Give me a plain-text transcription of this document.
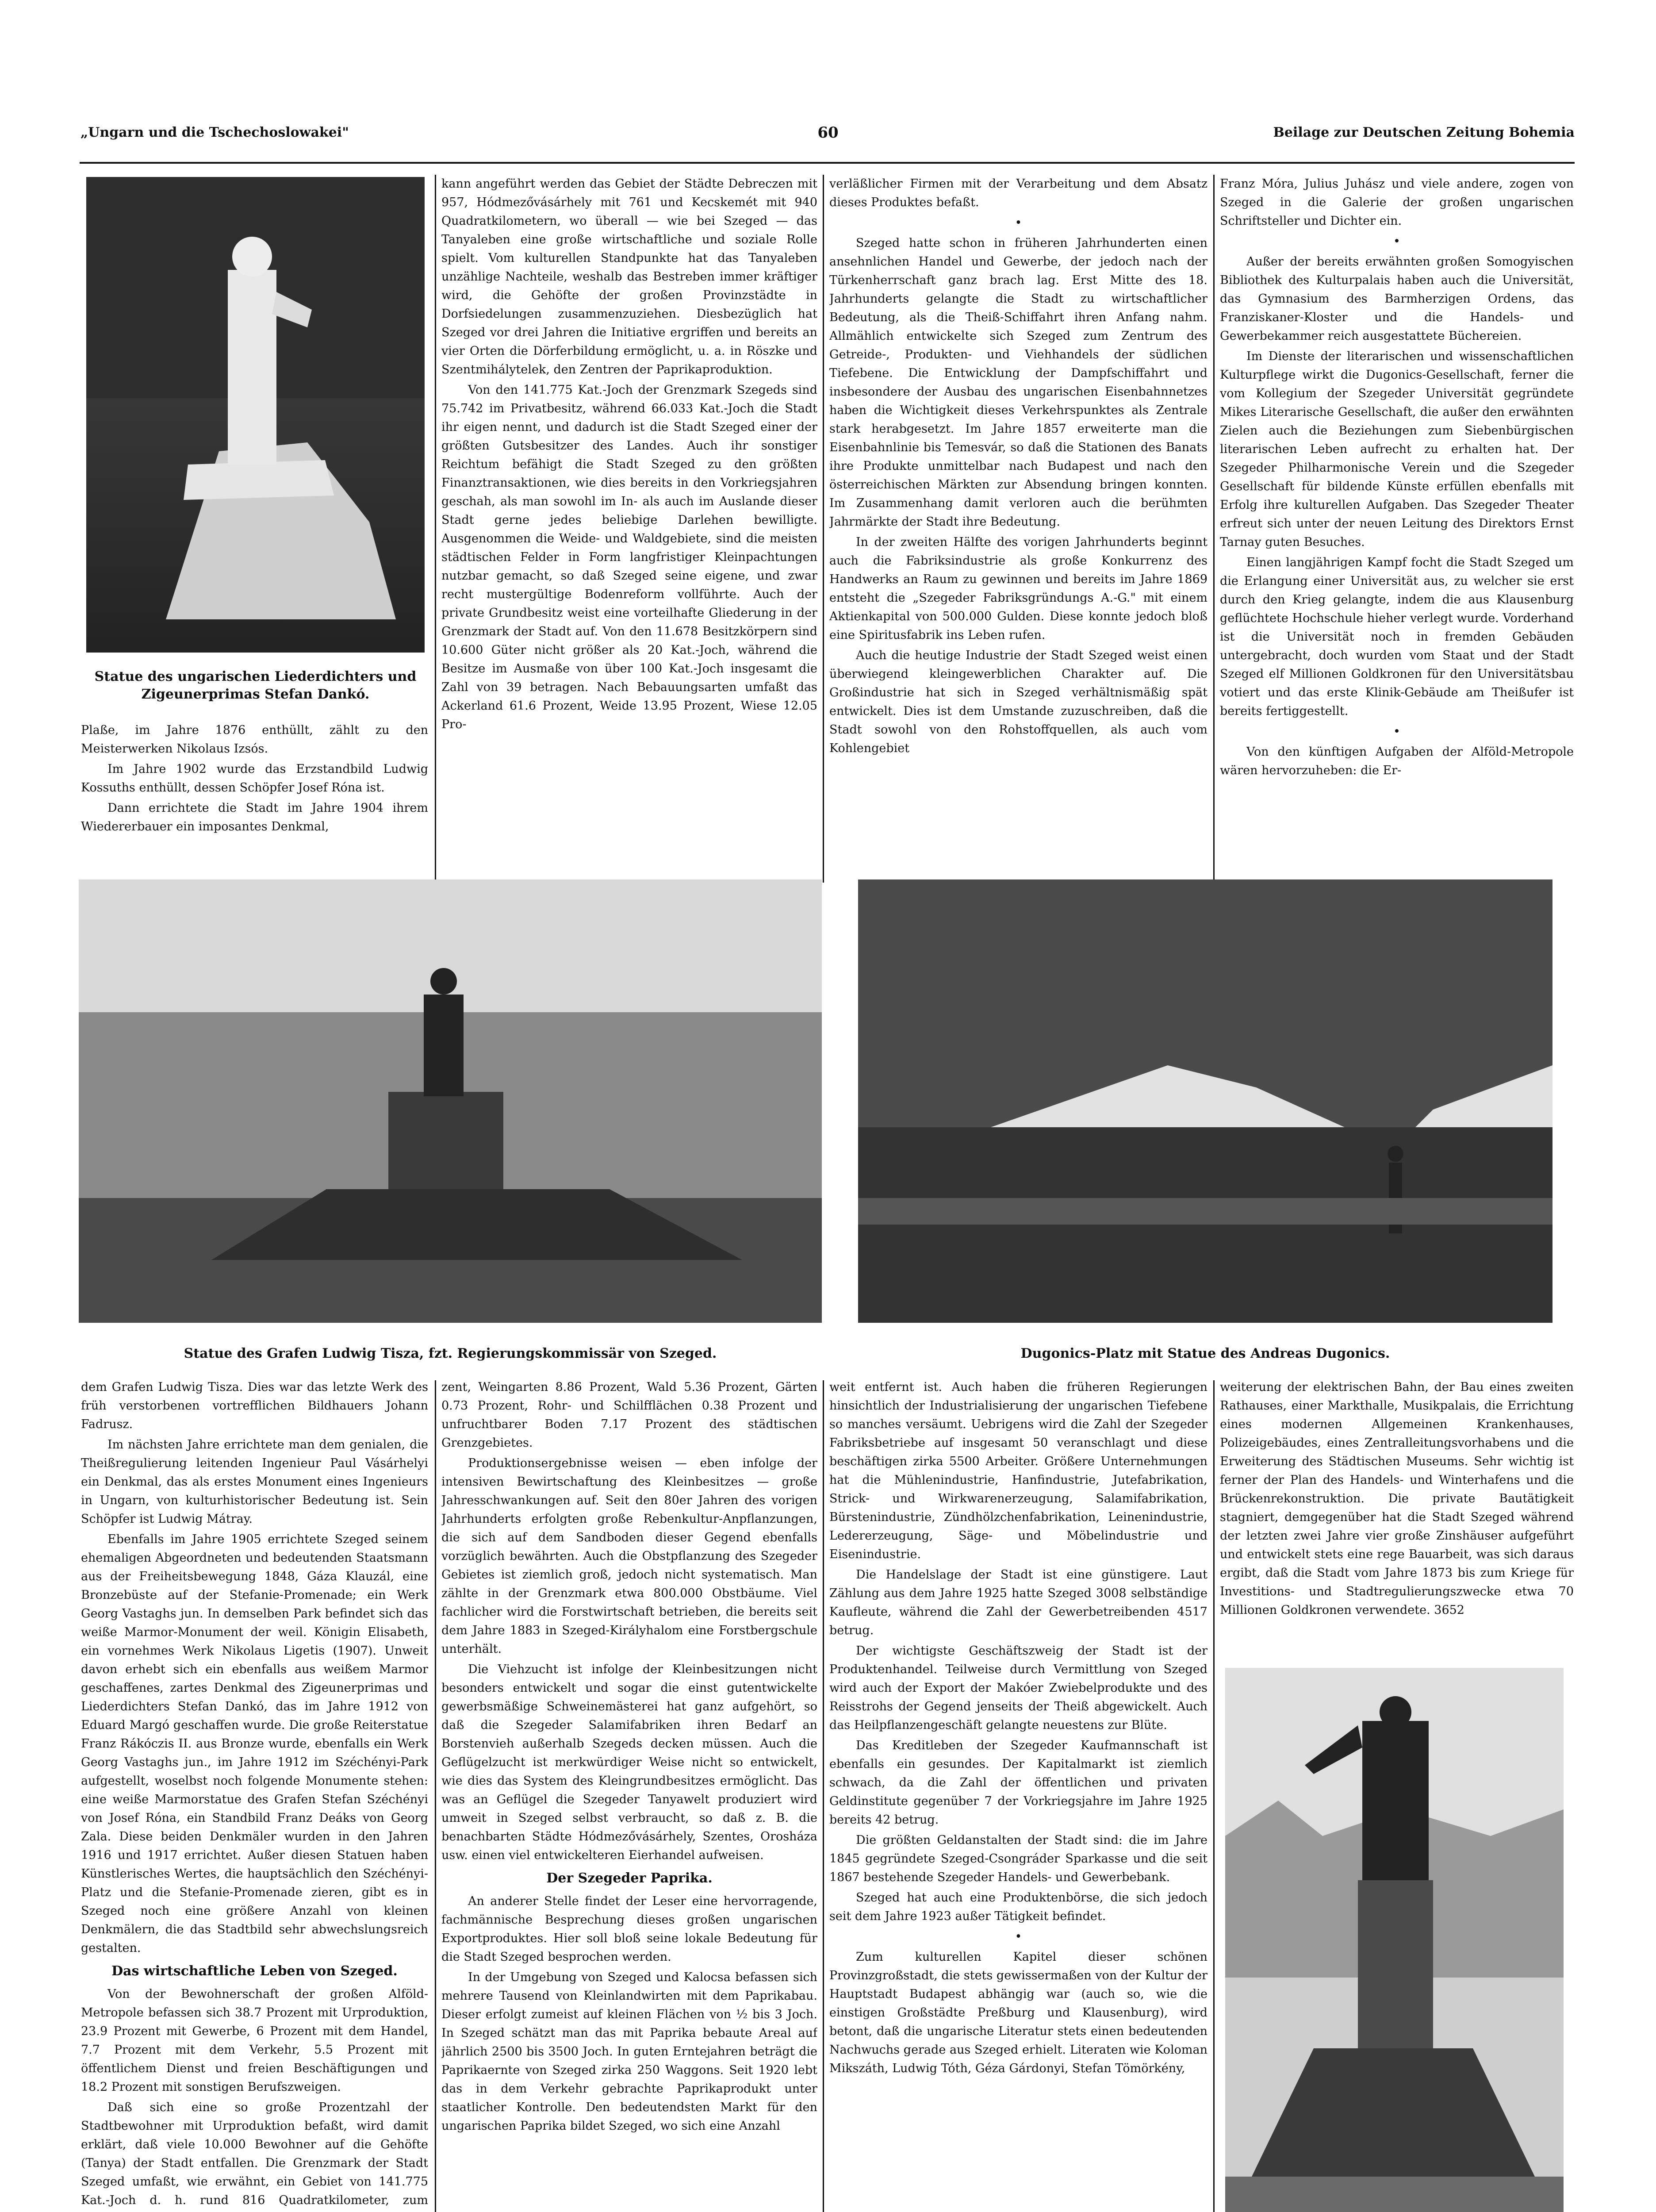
„Ungarn und die Tschechoslowakei"	60	Beilage zur Deutschen Zeitung Bohemia
Statue des ungarischen Liederdichters und Zigeunerprimas Stefan Dankó.

Plaße, im Jahre 1876 enthüllt, zählt zu den Meisterwerken Nikolaus Izsós.

Im Jahre 1902 wurde das Erzstandbild Ludwig Kossuths enthüllt, dessen Schöpfer Josef Róna ist.

Dann errichtete die Stadt im Jahre 1904 ihrem Wiedererbauer ein imposantes Denkmal,

kann angeführt werden das Gebiet der Städte Debreczen mit 957, Hódmezővásárhely mit 761 und Kecskemét mit 940 Quadratkilometern, wo überall — wie bei Szeged — das Tanyaleben eine große wirtschaftliche und soziale Rolle spielt. Vom kulturellen Standpunkte hat das Tanyaleben unzählige Nachteile, weshalb das Bestreben immer kräftiger wird, die Gehöfte der großen Provinzstädte in Dorfsiedelungen zusammenzuziehen. Diesbezüglich hat Szeged vor drei Jahren die Initiative ergriffen und bereits an vier Orten die Dörferbildung ermöglicht, u. a. in Röszke und Szentmihálytelek, den Zentren der Paprikaproduktion.

Von den 141.775 Kat.-Joch der Grenzmark Szegeds sind 75.742 im Privatbesitz, während 66.033 Kat.-Joch die Stadt ihr eigen nennt, und dadurch ist die Stadt Szeged einer der größten Gutsbesitzer des Landes. Auch ihr sonstiger Reichtum befähigt die Stadt Szeged zu den größten Finanztransaktionen, wie dies bereits in den Vorkriegsjahren geschah, als man sowohl im In- als auch im Auslande dieser Stadt gerne jedes beliebige Darlehen bewilligte. Ausgenommen die Weide- und Waldgebiete, sind die meisten städtischen Felder in Form langfristiger Kleinpachtungen nutzbar gemacht, so daß Szeged seine eigene, und zwar recht mustergültige Bodenreform vollführte. Auch der private Grundbesitz weist eine vorteilhafte Gliederung in der Grenzmark der Stadt auf. Von den 11.678 Besitzkörpern sind 10.600 Güter nicht größer als 20 Kat.-Joch, während die Besitze im Ausmaße von über 100 Kat.-Joch insgesamt die Zahl von 39 betragen. Nach Bebauungsarten umfaßt das Ackerland 61.6 Prozent, Weide 13.95 Prozent, Wiese 12.05 Pro-

verläßlicher Firmen mit der Verarbeitung und dem Absatz dieses Produktes befaßt.

•

Szeged hatte schon in früheren Jahrhunderten einen ansehnlichen Handel und Gewerbe, der jedoch nach der Türkenherrschaft ganz brach lag. Erst Mitte des 18. Jahrhunderts gelangte die Stadt zu wirtschaftlicher Bedeutung, als die Theiß-Schiffahrt ihren Anfang nahm. Allmählich entwickelte sich Szeged zum Zentrum des Getreide-, Produkten- und Viehhandels der südlichen Tiefebene. Die Entwicklung der Dampfschiffahrt und insbesondere der Ausbau des ungarischen Eisenbahnnetzes haben die Wichtigkeit dieses Verkehrspunktes als Zentrale stark herabgesetzt. Im Jahre 1857 erweiterte man die Eisenbahnlinie bis Temesvár, so daß die Stationen des Banats ihre Produkte unmittelbar nach Budapest und nach den österreichischen Märkten zur Absendung bringen konnten. Im Zusammenhang damit verloren auch die berühmten Jahrmärkte der Stadt ihre Bedeutung.

In der zweiten Hälfte des vorigen Jahrhunderts beginnt auch die Fabriksindustrie als große Konkurrenz des Handwerks an Raum zu gewinnen und bereits im Jahre 1869 entsteht die „Szegeder Fabriksgründungs A.-G." mit einem Aktienkapital von 500.000 Gulden. Diese konnte jedoch bloß eine Spiritusfabrik ins Leben rufen.

Auch die heutige Industrie der Stadt Szeged weist einen überwiegend kleingewerblichen Charakter auf. Die Großindustrie hat sich in Szeged verhältnismäßig spät entwickelt. Dies ist dem Umstande zuzuschreiben, daß die Stadt sowohl von den Rohstoffquellen, als auch vom Kohlengebiet

Franz Móra, Julius Juhász und viele andere, zogen von Szeged in die Galerie der großen ungarischen Schriftsteller und Dichter ein.

•

Außer der bereits erwähnten großen Somogyischen Bibliothek des Kulturpalais haben auch die Universität, das Gymnasium des Barmherzigen Ordens, das Franziskaner-Kloster und die Handels- und Gewerbekammer reich ausgestattete Büchereien.

Im Dienste der literarischen und wissenschaftlichen Kulturpflege wirkt die Dugonics-Gesellschaft, ferner die vom Kollegium der Szegeder Universität gegründete Mikes Literarische Gesellschaft, die außer den erwähnten Zielen auch die Beziehungen zum Siebenbürgischen literarischen Leben aufrecht zu erhalten hat. Der Szegeder Philharmonische Verein und die Szegeder Gesellschaft für bildende Künste erfüllen ebenfalls mit Erfolg ihre kulturellen Aufgaben. Das Szegeder Theater erfreut sich unter der neuen Leitung des Direktors Ernst Tarnay guten Besuches.

Einen langjährigen Kampf focht die Stadt Szeged um die Erlangung einer Universität aus, zu welcher sie erst durch den Krieg gelangte, indem die aus Klausenburg geflüchtete Hochschule hieher verlegt wurde. Vorderhand ist die Universität noch in fremden Gebäuden untergebracht, doch wurden vom Staat und der Stadt Szeged elf Millionen Goldkronen für den Universitätsbau votiert und das erste Klinik-Gebäude am Theißufer ist bereits fertiggestellt.

•

Von den künftigen Aufgaben der Alföld-Metropole wären hervorzuheben: die Er-

Statue des Grafen Ludwig Tisza, fzt. Regierungskommissär von Szeged.	Dugonics-Platz mit Statue des Andreas Dugonics.

dem Grafen Ludwig Tisza. Dies war das letzte Werk des früh verstorbenen vortrefflichen Bildhauers Johann Fadrusz.

Im nächsten Jahre errichtete man dem genialen, die Theißregulierung leitenden Ingenieur Paul Vásárhelyi ein Denkmal, das als erstes Monument eines Ingenieurs in Ungarn, von kulturhistorischer Bedeutung ist. Sein Schöpfer ist Ludwig Mátray.

Ebenfalls im Jahre 1905 errichtete Szeged seinem ehemaligen Abgeordneten und bedeutenden Staatsmann aus der Freiheitsbewegung 1848, Gáza Klauzál, eine Bronzebüste auf der Stefanie-Promenade; ein Werk Georg Vastaghs jun. In demselben Park befindet sich das weiße Marmor-Monument der weil. Königin Elisabeth, ein vornehmes Werk Nikolaus Ligetis (1907). Unweit davon erhebt sich ein ebenfalls aus weißem Marmor geschaffenes, zartes Denkmal des Zigeunerprimas und Liederdichters Stefan Dankó, das im Jahre 1912 von Eduard Margó geschaffen wurde. Die große Reiterstatue Franz Rákóczis II. aus Bronze wurde, ebenfalls ein Werk Georg Vastaghs jun., im Jahre 1912 im Széchényi-Park aufgestellt, woselbst noch folgende Monumente stehen: eine weiße Marmorstatue des Grafen Stefan Széchényi von Josef Róna, ein Standbild Franz Deáks von Georg Zala. Diese beiden Denkmäler wurden in den Jahren 1916 und 1917 errichtet. Außer diesen Statuen haben Künstlerisches Wertes, die hauptsächlich den Széchényi-Platz und die Stefanie-Promenade zieren, gibt es in Szeged noch eine größere Anzahl von kleinen Denkmälern, die das Stadtbild sehr abwechslungsreich gestalten.

Das wirtschaftliche Leben von Szeged.

Von der Bewohnerschaft der großen Alföld-Metropole befassen sich 38.7 Prozent mit Urproduktion, 23.9 Prozent mit Gewerbe, 6 Prozent mit dem Handel, 7.7 Prozent mit dem Verkehr, 5.5 Prozent mit öffentlichem Dienst und freien Beschäftigungen und 18.2 Prozent mit sonstigen Berufszweigen.

Daß sich eine so große Prozentzahl der Stadtbewohner mit Urproduktion befaßt, wird damit erklärt, daß viele 10.000 Bewohner auf die Gehöfte (Tanya) der Stadt entfallen. Die Grenzmark der Stadt Szeged umfaßt, wie erwähnt, ein Gebiet von 141.775 Kat.-Joch d. h. rund 816 Quadratkilometer, zum

zent, Weingarten 8.86 Prozent, Wald 5.36 Prozent, Gärten 0.73 Prozent, Rohr- und Schilfflächen 0.38 Prozent und unfruchtbarer Boden 7.17 Prozent des städtischen Grenzgebietes.

Produktionsergebnisse weisen — eben infolge der intensiven Bewirtschaftung des Kleinbesitzes — große Jahresschwankungen auf. Seit den 80er Jahren des vorigen Jahrhunderts erfolgten große Rebenkultur-Anpflanzungen, die sich auf dem Sandboden dieser Gegend ebenfalls vorzüglich bewährten. Auch die Obstpflanzung des Szegeder Gebietes ist ziemlich groß, jedoch nicht systematisch. Man zählte in der Grenzmark etwa 800.000 Obstbäume. Viel fachlicher wird die Forstwirtschaft betrieben, die bereits seit dem Jahre 1883 in Szeged-Királyhalom eine Forstbergschule unterhält.

Die Viehzucht ist infolge der Kleinbesitzungen nicht besonders entwickelt und sogar die einst gutentwickelte gewerbsmäßige Schweinemästerei hat ganz aufgehört, so daß die Szegeder Salamifabriken ihren Bedarf an Borstenvieh außerhalb Szegeds decken müssen. Auch die Geflügelzucht ist merkwürdiger Weise nicht so entwickelt, wie dies das System des Kleingrundbesitzes ermöglicht. Das was an Geflügel die Szegeder Tanyawelt produziert wird umweit in Szeged selbst verbraucht, so daß z. B. die benachbarten Städte Hódmezővásárhely, Szentes, Orosháza usw. einen viel entwickelteren Eierhandel aufweisen.

Der Szegeder Paprika.

An anderer Stelle findet der Leser eine hervorragende, fachmännische Besprechung dieses großen ungarischen Exportproduktes. Hier soll bloß seine lokale Bedeutung für die Stadt Szeged besprochen werden.

In der Umgebung von Szeged und Kalocsa befassen sich mehrere Tausend von Kleinlandwirten mit dem Paprikabau. Dieser erfolgt zumeist auf kleinen Flächen von ½ bis 3 Joch. In Szeged schätzt man das mit Paprika bebaute Areal auf jährlich 2500 bis 3500 Joch. In guten Erntejahren beträgt die Paprikaernte von Szeged zirka 250 Waggons. Seit 1920 lebt das in dem Verkehr gebrachte Paprikaprodukt unter staatlicher Kontrolle. Den bedeutendsten Markt für den ungarischen Paprika bildet Szeged, wo sich eine Anzahl

weit entfernt ist. Auch haben die früheren Regierungen hinsichtlich der Industrialisierung der ungarischen Tiefebene so manches versäumt. Uebrigens wird die Zahl der Szegeder Fabriksbetriebe auf insgesamt 50 veranschlagt und diese beschäftigen zirka 5500 Arbeiter. Größere Unternehmungen hat die Mühlenindustrie, Hanfindustrie, Jutefabrikation, Strick- und Wirkwarenerzeugung, Salamifabrikation, Bürstenindustrie, Zündhölzchenfabrikation, Leinenindustrie, Ledererzeugung, Säge- und Möbelindustrie und Eisenindustrie.

Die Handelslage der Stadt ist eine günstigere. Laut Zählung aus dem Jahre 1925 hatte Szeged 3008 selbständige Kaufleute, während die Zahl der Gewerbetreibenden 4517 betrug.

Der wichtigste Geschäftszweig der Stadt ist der Produktenhandel. Teilweise durch Vermittlung von Szeged wird auch der Export der Makóer Zwiebelprodukte und des Reisstrohs der Gegend jenseits der Theiß abgewickelt. Auch das Heilpflanzengeschäft gelangte neuestens zur Blüte.

Das Kreditleben der Szegeder Kaufmannschaft ist ebenfalls ein gesundes. Der Kapitalmarkt ist ziemlich schwach, da die Zahl der öffentlichen und privaten Geldinstitute gegenüber 7 der Vorkriegsjahre im Jahre 1925 bereits 42 betrug.

Die größten Geldanstalten der Stadt sind: die im Jahre 1845 gegründete Szeged-Csongráder Sparkasse und die seit 1867 bestehende Szegeder Handels- und Gewerbebank.

Szeged hat auch eine Produktenbörse, die sich jedoch seit dem Jahre 1923 außer Tätigkeit befindet.

•

Zum kulturellen Kapitel dieser schönen Provinzgroßstadt, die stets gewissermaßen von der Kultur der Hauptstadt Budapest abhängig war (auch so, wie die einstigen Großstädte Preßburg und Klausenburg), wird betont, daß die ungarische Literatur stets einen bedeutenden Nachwuchs gerade aus Szeged erhielt. Literaten wie Koloman Mikszáth, Ludwig Tóth, Géza Gárdonyi, Stefan Tömörkény,

weiterung der elektrischen Bahn, der Bau eines zweiten Rathauses, einer Markthalle, Musikpalais, die Errichtung eines modernen Allgemeinen Krankenhauses, Polizeigebäudes, eines Zentralleitungsvorhabens und die Erweiterung des Städtischen Museums. Sehr wichtig ist ferner der Plan des Handels- und Winterhafens und die Brückenrekonstruktion. Die private Bautätigkeit stagniert, demgegenüber hat die Stadt Szeged während der letzten zwei Jahre vier große Zinshäuser aufgeführt und entwickelt stets eine rege Bauarbeit, was sich daraus ergibt, daß die Stadt vom Jahre 1873 bis zum Kriege für Investitions- und Stadtregulierungszwecke etwa 70 Millionen Goldkronen verwendete. 3652
